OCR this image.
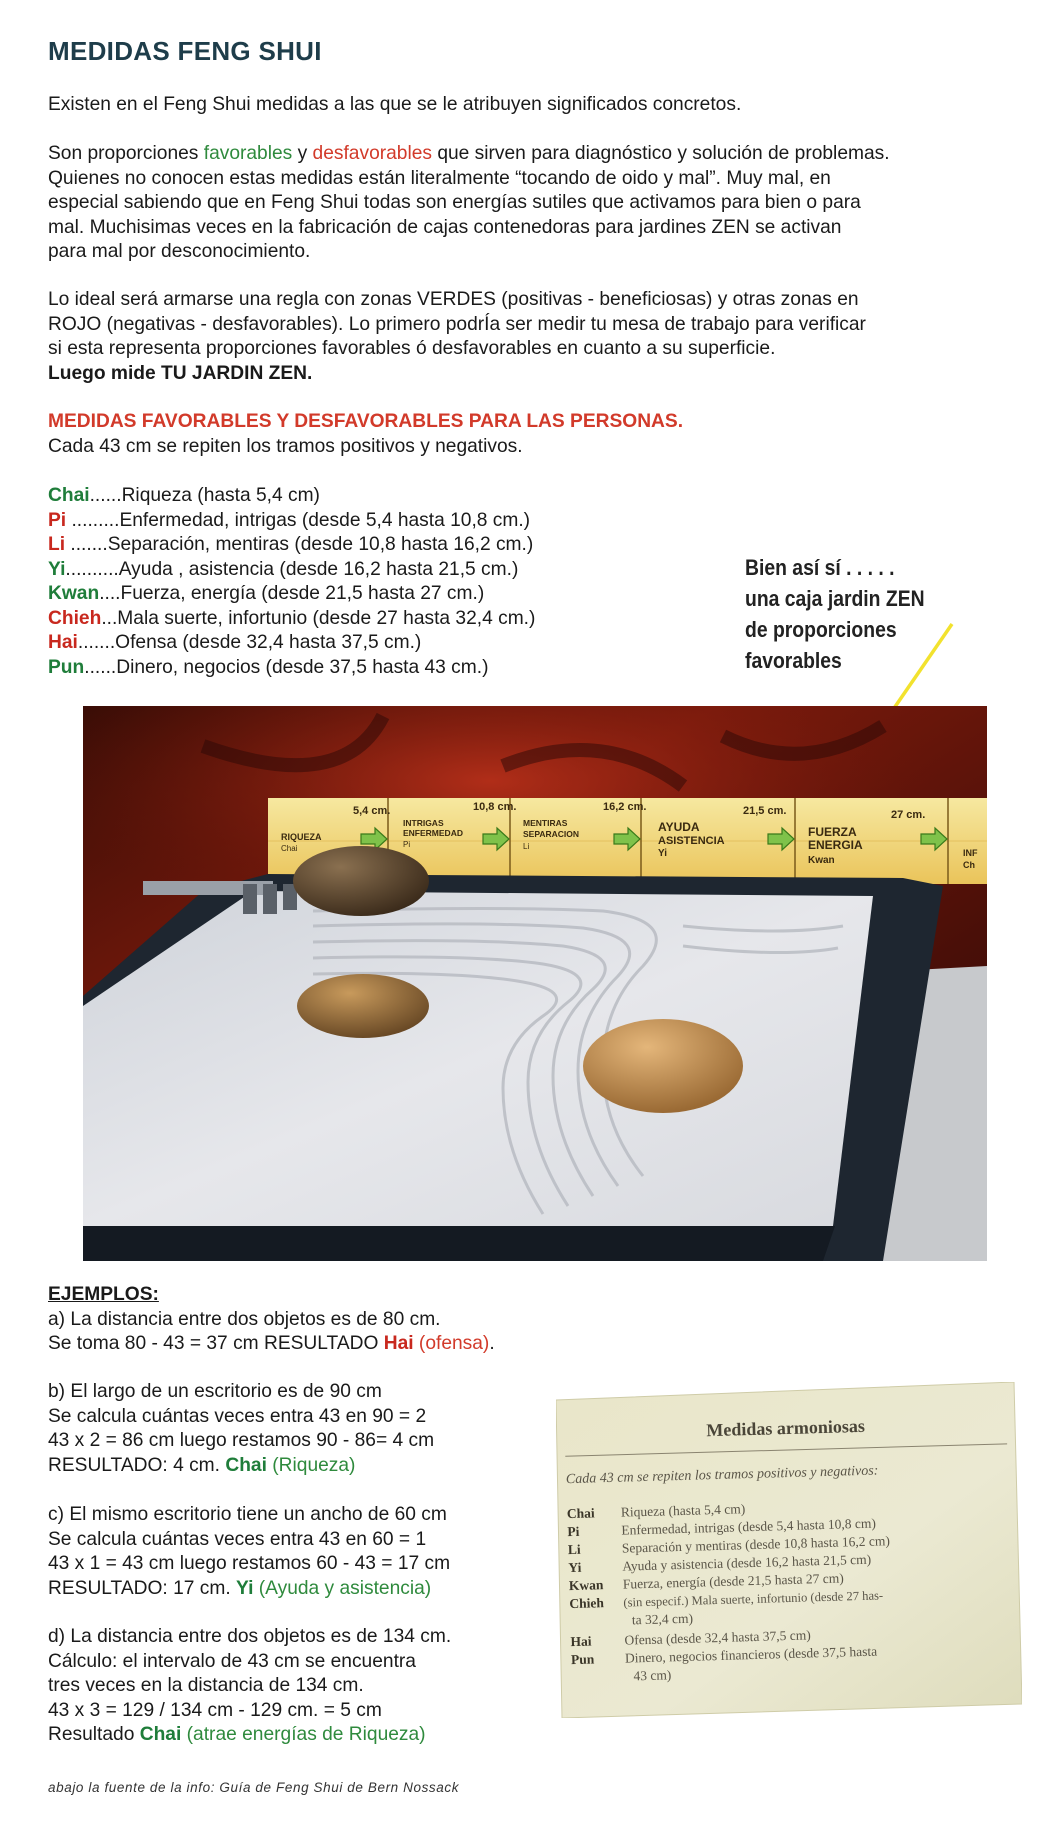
MEDIDAS FENG SHUI
Existen en el Feng Shui medidas a las que se le atribuyen significados concretos.
Son proporciones favorables y desfavorables que sirven para diagnóstico y solución de problemas.
Quienes no conocen estas medidas están literalmente “tocando de oido y mal”. Muy mal, en
especial sabiendo que en Feng Shui todas son energías sutiles que activamos para bien o para
mal. Muchisimas veces en la fabricación de cajas contenedoras para jardines ZEN se activan
para mal por desconocimiento.
Lo ideal será armarse una regla con zonas VERDES (positivas - beneficiosas) y otras zonas en
ROJO (negativas - desfavorables). Lo primero podrÍa ser medir tu mesa de trabajo para verificar
si esta representa proporciones favorables ó desfavorables en cuanto a su superficie.
Luego mide TU JARDIN ZEN.
MEDIDAS FAVORABLES Y DESFAVORABLES PARA LAS PERSONAS.
Cada 43 cm se repiten los tramos positivos y negativos.
Chai......Riqueza (hasta 5,4 cm)
Pi .........Enfermedad, intrigas (desde 5,4 hasta 10,8 cm.)
Li .......Separación, mentiras (desde 10,8 hasta 16,2 cm.)
Yi..........Ayuda , asistencia (desde 16,2 hasta 21,5 cm.)
Kwan....Fuerza, energía (desde 21,5 hasta 27 cm.)
Chieh...Mala suerte, infortunio (desde 27 hasta 32,4 cm.)
Hai.......Ofensa (desde 32,4 hasta 37,5 cm.)
Pun......Dinero, negocios (desde 37,5 hasta 43 cm.)
Bien así sí . . . . .
una caja jardin ZEN
de proporciones
favorables
5,4 cm.	10,8 cm.	16,2 cm.	21,5 cm.	27 cm.
RIQUEZA
Chai
INTRIGAS
ENFERMEDAD
Pi
MENTIRAS
SEPARACION
Li
AYUDA
ASISTENCIA
Yi
FUERZA
ENERGIA
Kwan
INF
Ch
EJEMPLOS:
a) La distancia entre dos objetos es de 80 cm.
Se toma 80 - 43 = 37 cm RESULTADO Hai (ofensa).
b) El largo de un escritorio es de 90 cm
Se calcula cuántas veces entra 43 en 90 = 2
43 x 2 = 86 cm luego restamos 90 - 86= 4 cm
RESULTADO: 4 cm. Chai (Riqueza)
c) El mismo escritorio tiene un ancho de 60 cm
Se calcula cuántas veces entra 43 en 60 = 1
43 x 1 = 43 cm luego restamos 60 - 43 = 17 cm
RESULTADO: 17 cm. Yi (Ayuda y asistencia)
d) La distancia entre dos objetos es de 134 cm.
Cálculo: el intervalo de 43 cm se encuentra
tres veces en la distancia de 134 cm.
43 x 3 = 129 / 134 cm - 129 cm. = 5 cm
Resultado Chai (atrae energías de Riqueza)
Medidas armoniosas
Cada 43 cm se repiten los tramos positivos y negativos:
Chai Riqueza (hasta 5,4 cm)
Pi	Enfermedad, intrigas (desde 5,4 hasta 10,8 cm)
Li	Separación y mentiras (desde 10,8 hasta 16,2 cm)
Yi	Ayuda y asistencia (desde 16,2 hasta 21,5 cm)
Kwan Fuerza, energía (desde 21,5 hasta 27 cm)
Chieh (sin especif.) Mala suerte, infortunio (desde 27 has-
ta 32,4 cm)
Hai Ofensa (desde 32,4 hasta 37,5 cm)
Pun Dinero, negocios financieros (desde 37,5 hasta
43 cm)
abajo la fuente de la info: Guía de Feng Shui de Bern Nossack
